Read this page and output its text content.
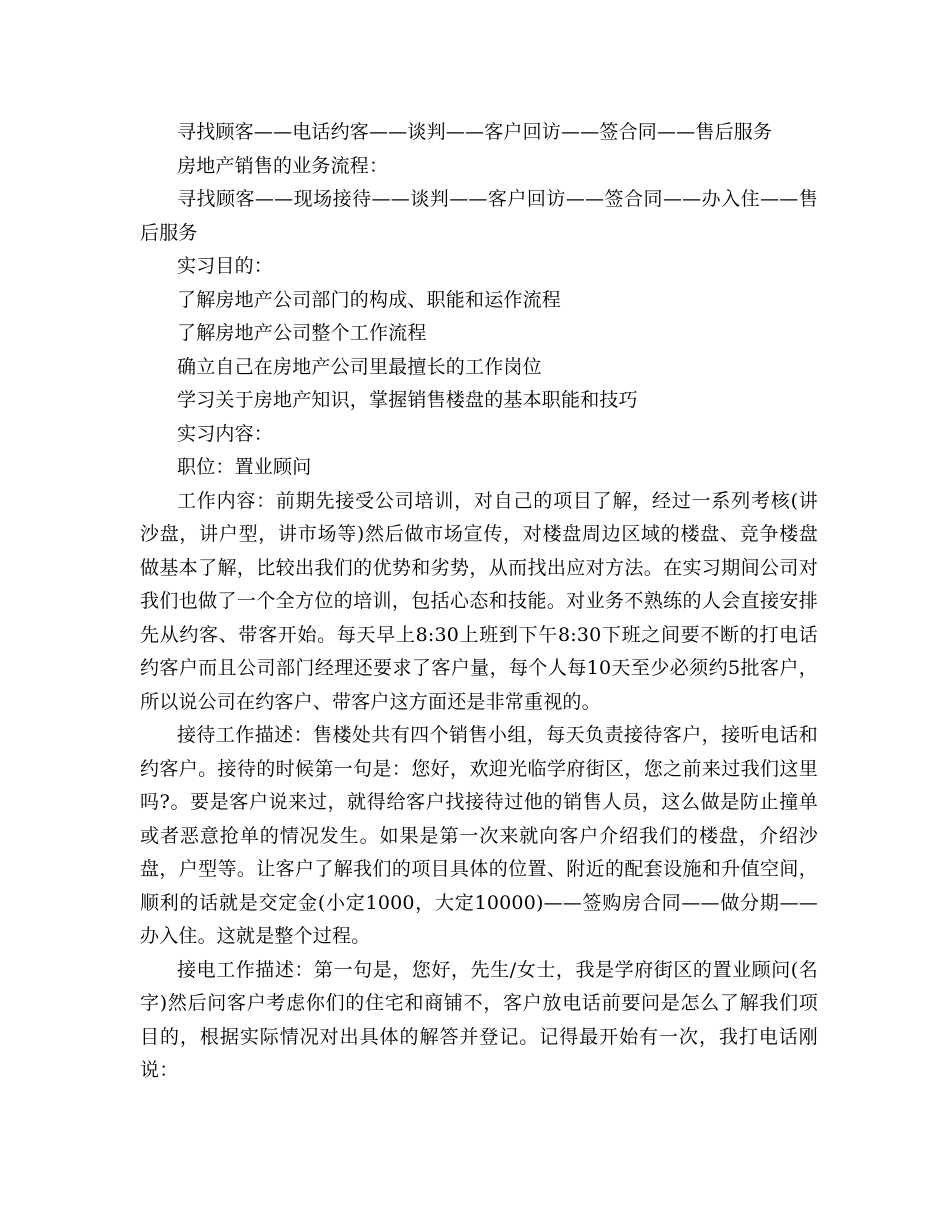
寻找顾客——电话约客——谈判——客户回访——签合同——售后服务

房地产销售的业务流程：

寻找顾客——现场接待——谈判——客户回访——签合同——办入住——售后服务

实习目的：

了解房地产公司部门的构成、职能和运作流程

了解房地产公司整个工作流程

确立自己在房地产公司里最擅长的工作岗位

学习关于房地产知识，掌握销售楼盘的基本职能和技巧

实习内容：

职位：置业顾问

工作内容：前期先接受公司培训，对自己的项目了解，经过一系列考核(讲沙盘，讲户型，讲市场等)然后做市场宣传，对楼盘周边区域的楼盘、竞争楼盘做基本了解，比较出我们的优势和劣势，从而找出应对方法。在实习期间公司对我们也做了一个全方位的培训，包括心态和技能。对业务不熟练的人会直接安排先从约客、带客开始。每天早上8:30上班到下午8:30下班之间要不断的打电话约客户而且公司部门经理还要求了客户量，每个人每10天至少必须约5批客户，所以说公司在约客户、带客户这方面还是非常重视的。

接待工作描述：售楼处共有四个销售小组，每天负责接待客户，接听电话和约客户。接待的时候第一句是：您好，欢迎光临学府街区，您之前来过我们这里吗?。要是客户说来过，就得给客户找接待过他的销售人员，这么做是防止撞单或者恶意抢单的情况发生。如果是第一次来就向客户介绍我们的楼盘，介绍沙盘，户型等。让客户了解我们的项目具体的位置、附近的配套设施和升值空间，顺利的话就是交定金(小定1000，大定10000)——签购房合同——做分期——办入住。这就是整个过程。

接电工作描述：第一句是，您好，先生/女士，我是学府街区的置业顾问(名字)然后问客户考虑你们的住宅和商铺不，客户放电话前要问是怎么了解我们项目的，根据实际情况对出具体的解答并登记。记得最开始有一次，我打电话刚说：
